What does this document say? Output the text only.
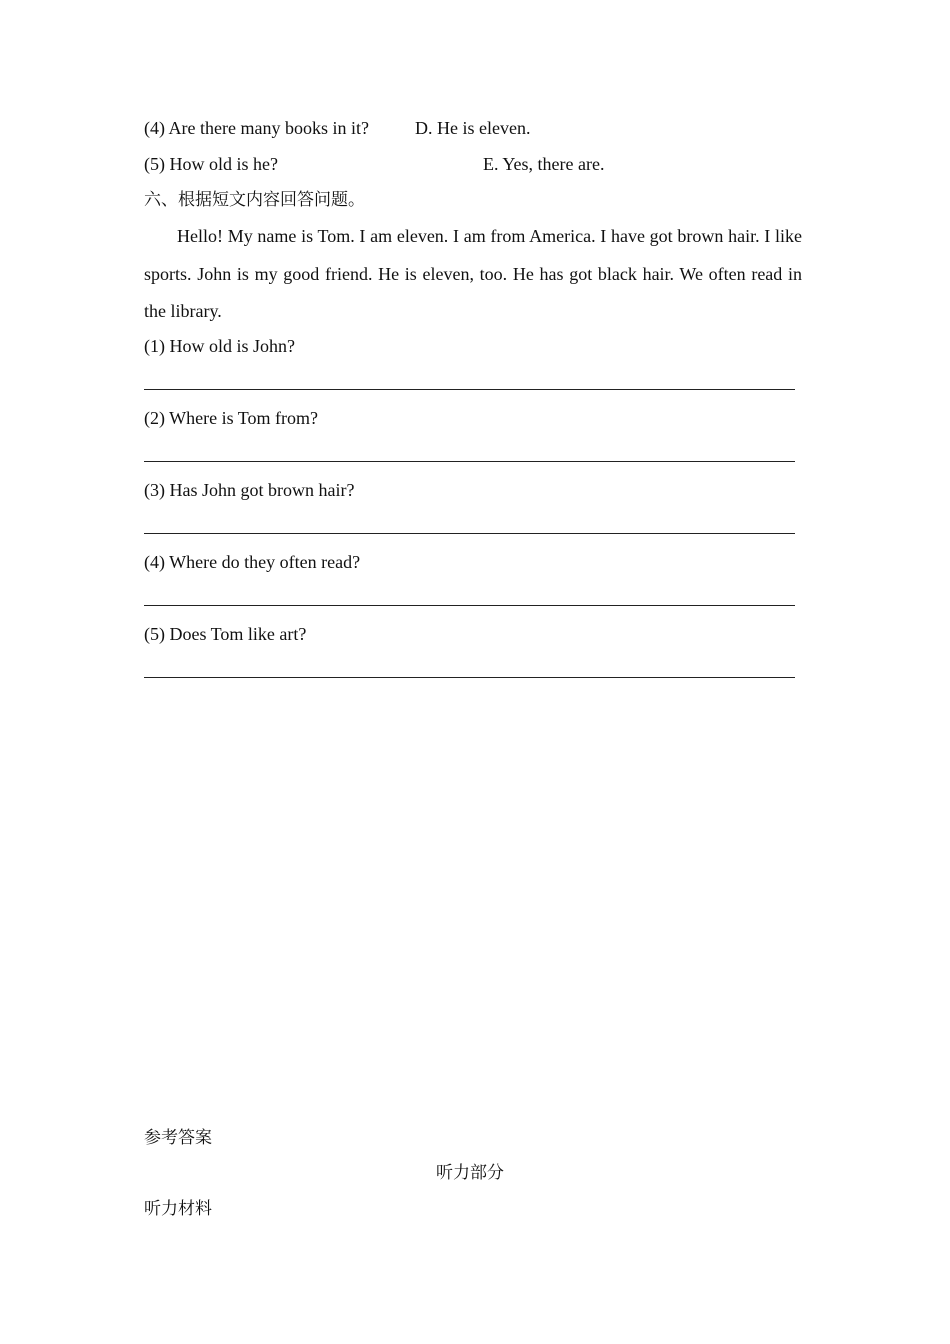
(4) Are there many books in it?	D. He is eleven.
(5) How old is he?	E. Yes, there are.
六、根据短文内容回答问题。
Hello! My name is Tom. I am eleven. I am from America. I have got brown hair. I like sports. John is my good friend. He is eleven, too. He has got black hair. We often read in the library.
(1) How old is John?
(2) Where is Tom from?
(3) Has John got brown hair?
(4) Where do they often read?
(5) Does Tom like art?
参考答案
听力部分
听力材料
